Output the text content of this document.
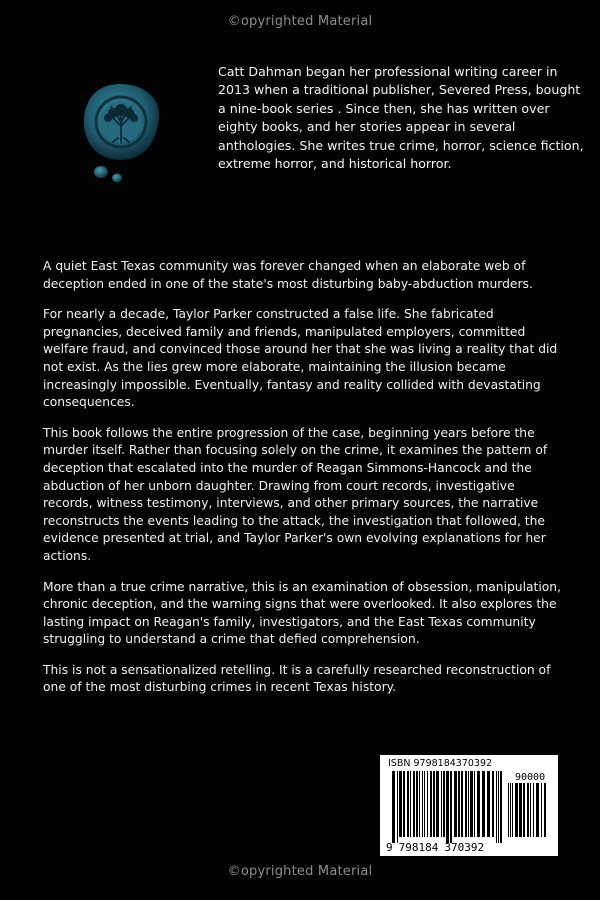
©opyrighted Material
Catt Dahman began her professional writing career in 2013 when a traditional publisher, Severed Press, bought a nine-book series . Since then, she has written over eighty books, and her stories appear in several anthologies. She writes true crime, horror, science fiction, extreme horror, and historical horror.

A quiet East Texas community was forever changed when an elaborate web of deception ended in one of the state's most disturbing baby-abduction murders.

For nearly a decade, Taylor Parker constructed a false life. She fabricated pregnancies, deceived family and friends, manipulated employers, committed welfare fraud, and convinced those around her that she was living a reality that did not exist. As the lies grew more elaborate, maintaining the illusion became increasingly impossible. Eventually, fantasy and reality collided with devastating consequences.

This book follows the entire progression of the case, beginning years before the murder itself. Rather than focusing solely on the crime, it examines the pattern of deception that escalated into the murder of Reagan Simmons-Hancock and the abduction of her unborn daughter. Drawing from court records, investigative records, witness testimony, interviews, and other primary sources, the narrative reconstructs the events leading to the attack, the investigation that followed, the evidence presented at trial, and Taylor Parker's own evolving explanations for her actions.

More than a true crime narrative, this is an examination of obsession, manipulation, chronic deception, and the warning signs that were overlooked. It also explores the lasting impact on Reagan's family, investigators, and the East Texas community struggling to understand a crime that defied comprehension.

This is not a sensationalized retelling. It is a carefully researched reconstruction of one of the most disturbing crimes in recent Texas history.

ISBN 9798184370392
90000
9 798184 370392
©opyrighted Material
